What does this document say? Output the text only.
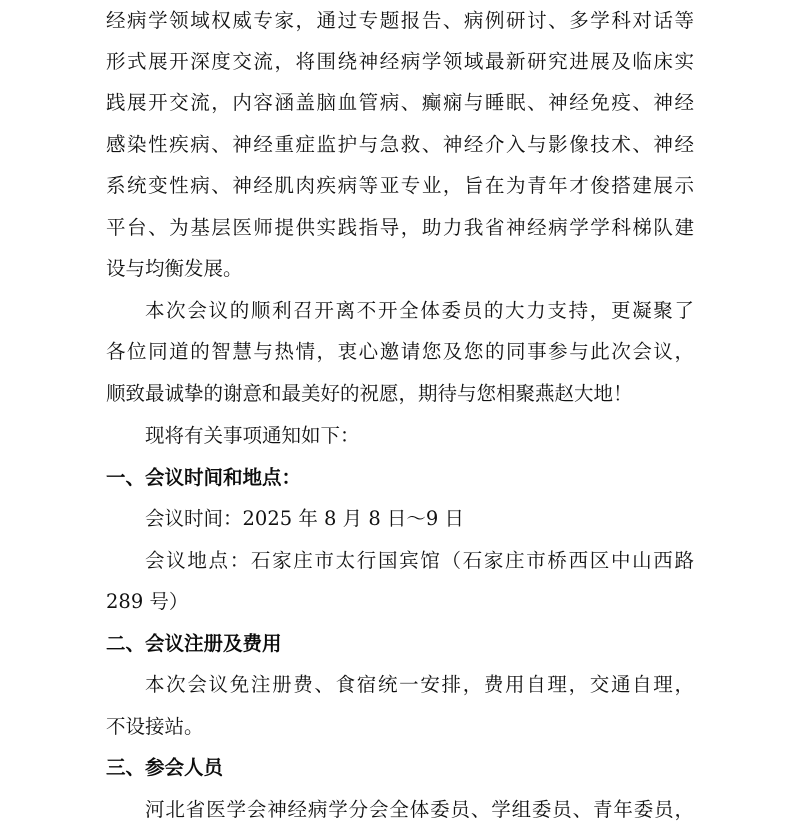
经病学领域权威专家，通过专题报告、病例研讨、多学科对话等
形式展开深度交流，将围绕神经病学领域最新研究进展及临床实
践展开交流，内容涵盖脑血管病、癫痫与睡眠、神经免疫、神经
感染性疾病、神经重症监护与急救、神经介入与影像技术、神经
系统变性病、神经肌肉疾病等亚专业，旨在为青年才俊搭建展示
平台、为基层医师提供实践指导，助力我省神经病学学科梯队建
设与均衡发展。
本次会议的顺利召开离不开全体委员的大力支持，更凝聚了
各位同道的智慧与热情，衷心邀请您及您的同事参与此次会议，
顺致最诚挚的谢意和最美好的祝愿，期待与您相聚燕赵大地！
现将有关事项通知如下：
一、会议时间和地点：
会议时间：2025 年 8 月 8 日～9 日
会议地点：石家庄市太行国宾馆（石家庄市桥西区中山西路
289 号）
二、会议注册及费用
本次会议免注册费、食宿统一安排，费用自理，交通自理，
不设接站。
三、参会人员
河北省医学会神经病学分会全体委员、学组委员、青年委员，
